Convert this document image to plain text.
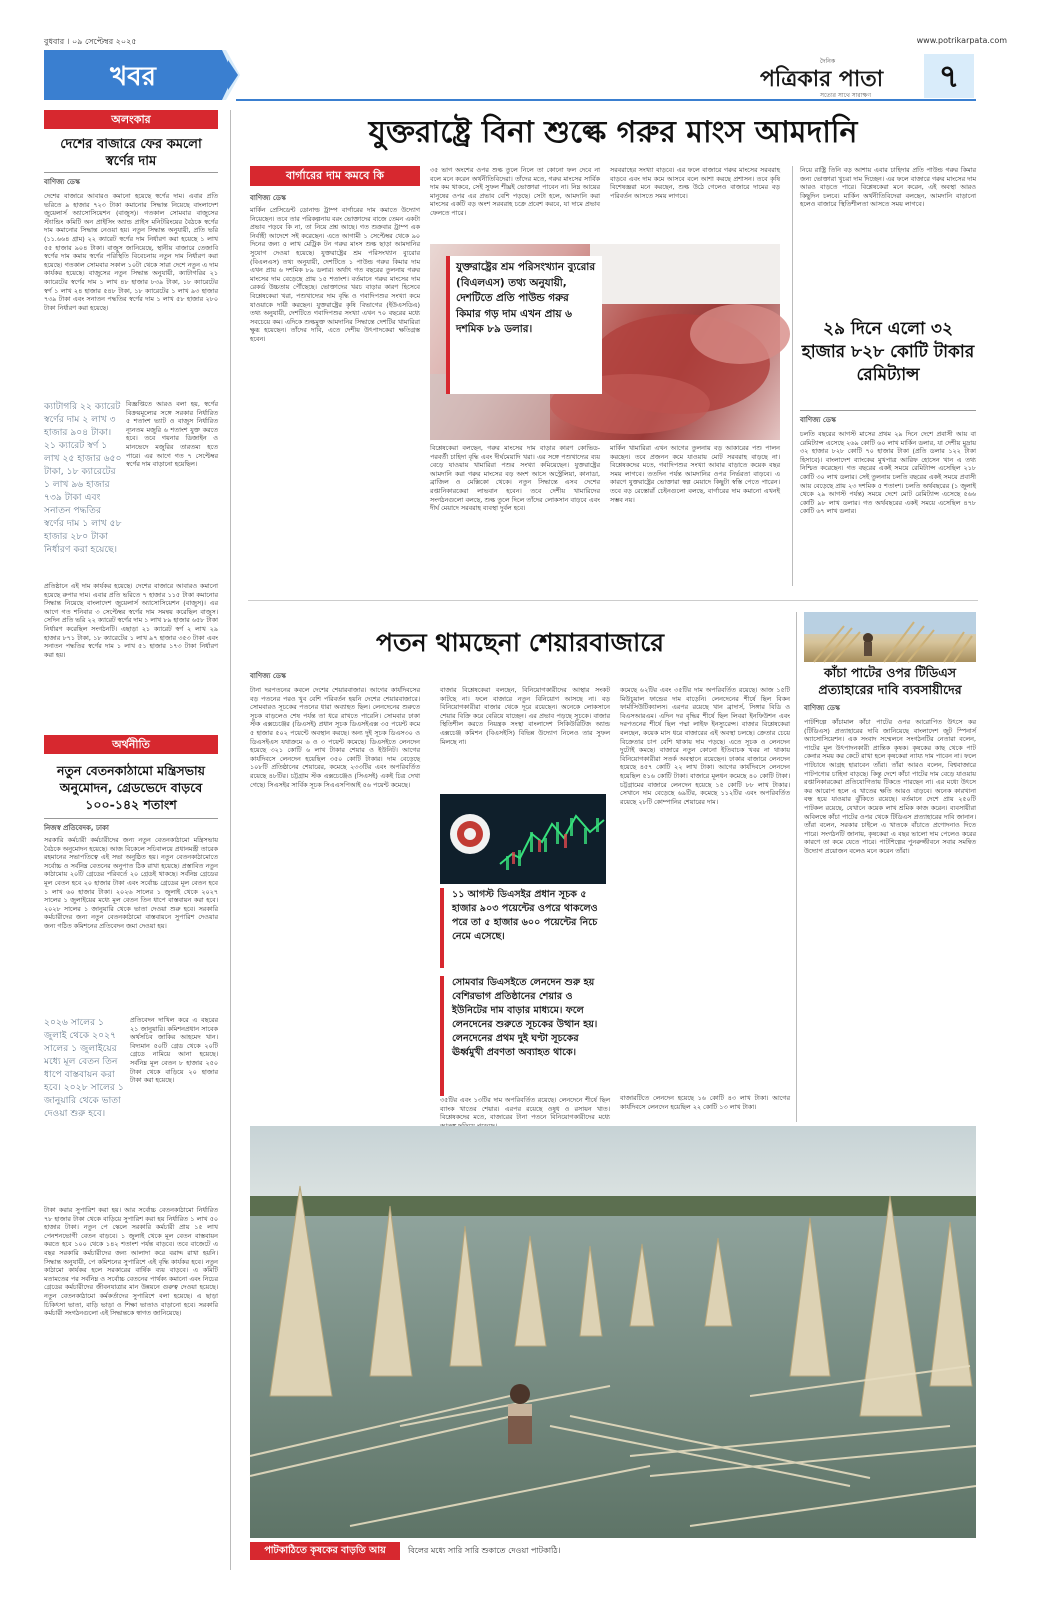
বুধবার । ০৯ সেপ্টেম্বর ২০২৫	www.potrikarpata.com
খবর
দৈনিক
পত্রিকার পাতা
সত্যের সাথে সারাক্ষণ
৭
অলংকার
দেশের বাজারে ফের কমলো স্বর্ণের দাম
বাণিজ্য ডেস্ক
দেশের বাজারে আবারও কমানো হয়েছে স্বর্ণের দাম। এবার প্রতি ভরিতে ৯ হাজার ৭২৩ টাকা কমানোর সিদ্ধান্ত নিয়েছে বাংলাদেশ জুয়েলার্স অ্যাসোসিয়েশন (বাজুস)। গতকাল সোমবার বাজুসের স্ট্যান্ডিং কমিটি অন প্রাইসিং অ্যান্ড প্রাইস মনিটরিংয়ের বৈঠকে স্বর্ণের দাম কমানোর সিদ্ধান্ত নেওয়া হয়। নতুন সিদ্ধান্ত অনুযায়ী, প্রতি ভরি (১১.৬৬৪ গ্রাম) ২২ ক্যারেট স্বর্ণের দাম নির্ধারণ করা হয়েছে ১ লাখ ৫৫ হাজার ৯০৪ টাকা। বাজুস জানিয়েছে, স্থানীয় বাজারে তেজাবি স্বর্ণের দাম কমায় স্বর্ণের পরিস্থিতি বিবেচনায় নতুন দাম নির্ধারণ করা হয়েছে। গতকাল সোমবার সকাল ১০টা থেকে সারা দেশে নতুন এ দাম কার্যকর হয়েছে। বাজুসের নতুন সিদ্ধান্ত অনুযায়ী, ক্যাটাগরির ২১ ক্যারেটের স্বর্ণের দাম ১ লাখ ৪৮ হাজার ৮৩৯ টাকা, ১৮ ক্যারেটের স্বর্ণ ১ লাখ ২৪ হাজার ৫৪৮ টাকা, ১৮ ক্যারেটের ১ লাখ ৯৩ হাজার ৭৩৯ টাকা এবং সনাতন পদ্ধতির স্বর্ণের দাম ১ লাখ ৫৮ হাজার ২৮০ টাকা নির্ধারণ করা হয়েছে।
ক্যাটাগরি ২২ ক্যারেট স্বর্ণের দাম ২ লাখ ৩ হাজার ৯০৪ টাকা। ২১ ক্যারেট স্বর্ণ ১ লাখ ২৫ হাজার ৬৫০ টাকা, ১৮ ক্যারেটের ১ লাখ ৯৬ হাজার ৭৩৯ টাকা এবং সনাতন পদ্ধতির স্বর্ণের দাম ১ লাখ ৫৮ হাজার ২৮০ টাকা নির্ধারণ করা হয়েছে।
বিজ্ঞপ্তিতে আরও বলা হয়, স্বর্ণের বিক্রয়মূল্যের সঙ্গে সরকার নির্ধারিত ৫ শতাংশ ভ্যাট ও বাজুস নির্ধারিত ন্যূনতম মজুরি ৬ শতাংশ যুক্ত করতে হবে। তবে গয়নার ডিজাইন ও মানভেদে মজুরির তারতম্য হতে পারে। এর আগে গত ৭ সেপ্টেম্বর স্বর্ণের দাম বাড়ানো হয়েছিল।
প্রতিষ্ঠানে এই দাম কার্যকর হয়েছে। দেশের বাজারে আবারও কমানো হয়েছে রুপার দাম। এবার প্রতি ভরিতে ৭ হাজার ১১৫ টাকা কমানোর সিদ্ধান্ত নিয়েছে বাংলাদেশ জুয়েলার্স অ্যাসোসিয়েশন (বাজুস)। এর আগে গত শনিবার ৩ সেপ্টেম্বর স্বর্ণের দাম সমন্বয় করেছিল বাজুস। সেদিন প্রতি ভরি ২২ ক্যারেট স্বর্ণের দাম ১ লাখ ৮৯ হাজার ৬৫৮ টাকা নির্ধারণ করেছিল সংগঠনটি। এছাড়া ২১ ক্যারেট স্বর্ণ ২ লাখ ২৯ হাজার ৮৭১ টাকা, ১৮ ক্যারেটের ১ লাখ ৯৭ হাজার ৩৫৩ টাকা এবং সনাতন পদ্ধতির স্বর্ণের দাম ১ লাখ ৫১ হাজার ১৭৩ টাকা নির্ধারণ করা হয়।
অর্থনীতি
নতুন বেতনকাঠামো মন্ত্রিসভায় অনুমোদন, গ্রেডভেদে বাড়বে ১০০-১৪২ শতাংশ
নিজস্ব প্রতিবেদক, ঢাকা
সরকারি কর্মচারী কর্মচারীদের জন্য নতুন বেতনকাঠামো মন্ত্রিসভায় বৈঠকে অনুমোদন হয়েছে। আজ বিকেলে সচিবালয়ে প্রধানমন্ত্রী তারেক রহমানের সভাপতিত্বে এই সভা অনুষ্ঠিত হয়। নতুন বেতনকাঠামোতে সর্বোচ্চ ও সর্বনিম্ন বেতনের অনুপাত ঠিক রাখা হয়েছে। প্রস্তাবিত নতুন কাঠামোয় ২০টি গ্রেডের পরিবর্তে ২০ গ্রেডই থাকছে। সর্বনিম্ন গ্রেডের মূল বেতন হবে ২০ হাজার টাকা এবং সর্বোচ্চ গ্রেডের মূল বেতন হবে ১ লাখ ৬০ হাজার টাকা। ২০২৬ সালের ১ জুলাই থেকে ২০২৭ সালের ১ জুলাইয়ের মধ্যে মূল বেতন তিন ধাপে বাস্তবায়ন করা হবে। ২০২৮ সালের ১ জানুয়ারি থেকে ভাতা দেওয়া শুরু হবে। সরকারি কর্মচারীদের জন্য নতুন বেতনকাঠামো বাস্তবায়নে সুপারিশ দেওয়ার জন্য গঠিত কমিশনের প্রতিবেদন জমা দেওয়া হয়।
২০২৬ সালের ১ জুলাই থেকে ২০২৭ সালের ১ জুলাইয়ের মধ্যে মূল বেতন তিন ধাপে বাস্তবায়ন করা হবে। ২০২৮ সালের ১ জানুয়ারি থেকে ভাতা দেওয়া শুরু হবে।
প্রতিবেদন দাখিল করে এ বছরের ২১ জানুয়ারি। কমিশনপ্রধান সাবেক অর্থসচিব জাকির আহমেদ খান। বিদ্যমান ৫০টি গ্রেড থেকে ২০টি গ্রেডে নামিয়ে আনা হয়েছে। সর্বনিম্ন মূল বেতন ৮ হাজার ২৫০ টাকা থেকে বাড়িয়ে ২০ হাজার টাকা করা হয়েছে।
টাকা করার সুপারিশ করা হয়। আর সর্বোচ্চ বেতনকাঠামো নির্ধারিত ৭৮ হাজার টাকা থেকে বাড়িয়ে সুপারিশ করা হয় নির্ধারিত ১ লাখ ৫০ হাজার টাকা। নতুন পে স্কেলে সরকারি কর্মচারী প্রায় ১৫ লাখ পেনশনভোগী বেতন বাড়বে। ১ জুলাই থেকে মূল বেতন বাস্তবায়ন করতে হবে ১০০ থেকে ১৪২ শতাংশ পর্যন্ত বাড়বে। তবে বাজেটে এ বছর সরকারি কর্মচারীদের জন্য আলাদা করে বরাদ্দ রাখা হয়নি। সিদ্ধান্ত অনুযায়ী, পে কমিশনের সুপারিশে এই বৃদ্ধি কার্যকর হবে। নতুন কাঠামো কার্যকর হলে সরকারের বার্ষিক ব্যয় বাড়বে। এ কমিটি মতামতের পর সর্বনিম্ন ও সর্বোচ্চ বেতনের পার্থক্য কমানো এবং নিচের গ্রেডের কর্মচারীদের জীবনযাত্রার মান উন্নয়নে গুরুত্ব দেওয়া হয়েছে। নতুন বেতনকাঠামো কর্মকর্তাদের সুপারিশে বলা হয়েছে। এ ছাড়া চিকিৎসা ভাতা, বাড়ি ভাড়া ও শিক্ষা ভাতাও বাড়ানো হবে। সরকারি কর্মচারী সংগঠনগুলো এই সিদ্ধান্তকে স্বাগত জানিয়েছে।
যুক্তরাষ্ট্রে বিনা শুল্কে গরুর মাংস আমদানি
বার্গারের দাম কমবে কি
বাণিজ্য ডেস্ক
মার্কিন প্রেসিডেন্ট ডোনাল্ড ট্রাম্প বার্গারের দাম কমাতে উদ্যোগ নিয়েছেন। তবে তার পরিকল্পনায় বরং ভোক্তাদের বাজে তেমন একটা প্রভাব পড়বে কি না, তা নিয়ে প্রশ্ন আছে। গত শুক্রবার ট্রাম্প এক নির্বাহী আদেশে সই করেছেন। এতে আগামী ১ সেপ্টেম্বর থেকে ৯০ দিনের জন্য ৫ লাখ মেট্রিক টন গরুর মাংস শুল্ক ছাড়া আমদানির সুযোগ দেওয়া হয়েছে। যুক্তরাষ্ট্রের শ্রম পরিসংখ্যান ব্যুরোর (বিএলএস) তথ্য অনুযায়ী, দেশটিতে ১ পাউন্ড গরুর কিমার দাম এখন প্রায় ৬ দশমিক ৮৯ ডলার। অর্থাৎ গত বছরের তুলনায় গরুর মাংসের দাম বেড়েছে প্রায় ১৫ শতাংশ। বর্তমানে গরুর মাংসের দাম রেকর্ড উচ্চতায় পৌঁছেছে। ভোক্তাদের খরচ বাড়ার কারণ হিসেবে বিশ্লেষকেরা খরা, পশুখাদ্যের দাম বৃদ্ধি ও গবাদিপশুর সংখ্যা কমে যাওয়াকে দায়ী করছেন। যুক্তরাষ্ট্রের কৃষি বিভাগের (ইউএসডিএ) তথ্য অনুযায়ী, দেশটিতে গবাদিপশুর সংখ্যা এখন ৭০ বছরের মধ্যে সবচেয়ে কম। এদিকে শুল্কমুক্ত আমদানির সিদ্ধান্তে দেশটির খামারিরা ক্ষুব্ধ হয়েছেন। তাঁদের দাবি, এতে দেশীয় উৎপাদকেরা ক্ষতিগ্রস্ত হবেন।
৩৫ ভাগ অংশের ওপর শুল্ক তুলে নিলে তা কোনো ফল দেবে না বলে মনে করেন অর্থনীতিবিদেরা। তাঁদের মতে, গরুর মাংসের সার্বিক দাম কম থাকবে, সেই সুফল শীঘ্রই ভোক্তারা পাবেন না। নিম্ন আয়ের মানুষের ওপর এর প্রভাব বেশি পড়ছে। সেটা হলে, আমদানি করা মাংসের একটি বড় অংশ সরবরাহ চক্রে প্রবেশ করবে, যা দামে প্রভাব ফেলতে পারে।
সরবরাহের সংখ্যা বাড়বে। এর ফলে বাজারে গরুর মাংসের সরবরাহ বাড়বে এবং দাম কমে আসবে বলে আশা করছে প্রশাসন। তবে কৃষি বিশেষজ্ঞরা মনে করছেন, শুল্ক উঠে গেলেও বাজারে দামের বড় পরিবর্তন আসতে সময় লাগবে।
যুক্তরাষ্ট্রের শ্রম পরিসংখ্যান ব্যুরোর (বিএলএস) তথ্য অনুযায়ী, দেশটিতে প্রতি পাউন্ড গরুর কিমার গড় দাম এখন প্রায় ৬ দশমিক ৮৯ ডলার।
বিশ্লেষকেরা বলছেন, গরুর মাংসের দাম বাড়ার কারণ কোভিড-পরবর্তী চাহিদা বৃদ্ধি এবং দীর্ঘমেয়াদি খরা। এর সঙ্গে পশুখাদ্যের ব্যয় বেড়ে যাওয়ায় খামারিরা পশুর সংখ্যা কমিয়েছেন। যুক্তরাষ্ট্রের আমদানি করা গরুর মাংসের বড় অংশ আসে অস্ট্রেলিয়া, কানাডা, ব্রাজিল ও মেক্সিকো থেকে। নতুন সিদ্ধান্তে এসব দেশের রপ্তানিকারকেরা লাভবান হবেন। তবে দেশীয় খামারিদের সংগঠনগুলো বলছে, শুল্ক তুলে দিলে তাঁদের লোকসান বাড়বে এবং দীর্ঘ মেয়াদে সরবরাহ ব্যবস্থা দুর্বল হবে।
মার্কিন খামারিরা এখন আগের তুলনায় বড় আকারের পশু পালন করছেন। তবে প্রজনন কমে যাওয়ায় মোট সরবরাহ বাড়ছে না। বিশ্লেষকদের মতে, গবাদিপশুর সংখ্যা আবার বাড়াতে কয়েক বছর সময় লাগবে। ততদিন পর্যন্ত আমদানির ওপর নির্ভরতা বাড়বে। এ কারণে যুক্তরাষ্ট্রের ভোক্তারা স্বল্প মেয়াদে কিছুটা স্বস্তি পেতে পারেন। তবে বড় রেস্তোরাঁ চেইনগুলো বলছে, বার্গারের দাম কমানো এখনই সম্ভব নয়।
নিয়ে রাষ্ট্রি তিনি বড় আশায় এবার চাহিদার প্রতি পাউন্ড গরুর কিমার জন্য ভোক্তারা খুচরা দাম দিচ্ছেন। এর ফলে বাজারে গরুর মাংসের দাম আরও বাড়তে পারে। বিশ্লেষকেরা মনে করেন, এই অবস্থা আরও কিছুদিন চলবে। মার্কিন অর্থনীতিবিদেরা বলছেন, আমদানি বাড়ানো হলেও বাজারে স্থিতিশীলতা আসতে সময় লাগবে।
২৯ দিনে এলো ৩২ হাজার ৮২৮ কোটি টাকার রেমিট্যান্স
বাণিজ্য ডেস্ক
চলতি বছরের আগস্ট মাসের প্রথম ২৯ দিনে দেশে প্রবাসী আয় বা রেমিট্যান্স এসেছে ২৬৯ কোটি ৬০ লাখ মার্কিন ডলার, যা দেশীয় মুদ্রায় ৩২ হাজার ৮২৮ কোটি ৭০ হাজার টাকা (প্রতি ডলার ১২২ টাকা হিসাবে)। বাংলাদেশ ব্যাংকের মুখপাত্র আরিফ হোসেন খান এ তথ্য নিশ্চিত করেছেন। গত বছরের একই সময়ে রেমিট্যান্স এসেছিল ২১৮ কোটি ৩০ লাখ ডলার। সেই তুলনায় চলতি বছরের একই সময়ে প্রবাসী আয় বেড়েছে প্রায় ২৩ দশমিক ৫ শতাংশ। চলতি অর্থবছরের (১ জুলাই থেকে ২৯ আগস্ট পর্যন্ত) সময়ে দেশে মোট রেমিট্যান্স এসেছে ৫৬৬ কোটি ৯৮ লাখ ডলার। গত অর্থবছরের একই সময়ে এসেছিল ৪৭৮ কোটি ৬৭ লাখ ডলার।
পতন থামছেনা শেয়ারবাজারে
বাণিজ্য ডেস্ক
টানা দরপতনের কবলে দেশের শেয়ারবাজার। আগের কার্যদিবসের বড় পতনের পরও খুব বেশি পরিবর্তন হয়নি দেশের শেয়ারবাজারে। সোমবারও সূচকের পতনের ধারা অব্যাহত ছিল। লেনদেনের শুরুতে সূচক বাড়লেও শেষ পর্যন্ত তা ধরে রাখতে পারেনি। সোমবার ঢাকা স্টক এক্সচেঞ্জের (ডিএসই) প্রধান সূচক ডিএসইএক্স ৩৫ পয়েন্ট কমে ৫ হাজার ৫০২ পয়েন্টে অবস্থান করছে। অন্য দুই সূচক ডিএস৩০ ও ডিএসইএস যথাক্রমে ৬ ও ৩ পয়েন্ট কমেছে। ডিএসইতে লেনদেন হয়েছে ৩২১ কোটি ৬ লাখ টাকার শেয়ার ও ইউনিট। আগের কার্যদিবসে লেনদেন হয়েছিল ৩৫০ কোটি টাকার। দাম বেড়েছে ১০৮টি প্রতিষ্ঠানের শেয়ারের, কমেছে ২৩৩টির এবং অপরিবর্তিত রয়েছে ৪৮টির। চট্টগ্রাম স্টক এক্সচেঞ্জেও (সিএসই) একই চিত্র দেখা গেছে। সিএসইর সার্বিক সূচক সিএএসপিআই ৫৬ পয়েন্ট কমেছে।
বাজার বিশ্লেষকেরা বলছেন, বিনিয়োগকারীদের আস্থার সংকট কাটছে না। ফলে বাজারে নতুন বিনিয়োগ আসছে না। বড় বিনিয়োগকারীরা বাজার থেকে দূরে রয়েছেন। অনেকে লোকসানে শেয়ার বিক্রি করে বেরিয়ে যাচ্ছেন। এর প্রভাব পড়ছে সূচকে। বাজার স্থিতিশীল করতে নিয়ন্ত্রক সংস্থা বাংলাদেশ সিকিউরিটিজ অ্যান্ড এক্সচেঞ্জ কমিশন (বিএসইসি) বিভিন্ন উদ্যোগ নিলেও তার সুফল মিলছে না।
১১ আগস্ট ডিএসইর প্রধান সূচক ৫ হাজার ৯০৩ পয়েন্টের ওপরে থাকলেও পরে তা ৫ হাজার ৬০০ পয়েন্টের নিচে নেমে এসেছে।
সোমবার ডিএসইতে লেনদেন শুরু হয় বেশিরভাগ প্রতিষ্ঠানের শেয়ার ও ইউনিটের দাম বাড়ার মাধ্যমে। ফলে লেনদেনের শুরুতে সূচকের উত্থান হয়। লেনদেনের প্রথম দুই ঘণ্টা সূচকের ঊর্ধ্বমুখী প্রবণতা অব্যাহত থাকে।
৩৫টির এবং ১৩টির দাম অপরিবর্তিত রয়েছে। লেনদেনে শীর্ষে ছিল ব্যাংক খাতের শেয়ার। এরপর রয়েছে ওষুধ ও রসায়ন খাত। বিশ্লেষকদের মতে, বাজারের টানা পতনে বিনিয়োগকারীদের মধ্যে
কমেছে ৬২টির এবং ৩৫টির দাম অপরিবর্তিত রয়েছে। আজ ১৫টি মিউচুয়াল ফান্ডের দাম বাড়েনি। লেনদেনের শীর্ষে ছিল বিকন ফার্মাসিউটিক্যালস। এরপর রয়েছে খান ব্রাদার্স, সিঙ্গার বিডি ও বিএসআরএম। এদিন দর বৃদ্ধির শীর্ষে ছিল লিবরা ইনফিউশন এবং দরপতনের শীর্ষে ছিল পদ্মা লাইফ ইনস্যুরেন্স। বাজার বিশ্লেষকেরা বলছেন, কয়েক মাস ধরে বাজারের এই অবস্থা চলছে। ক্রেতার চেয়ে বিক্রেতার চাপ বেশি থাকায় দাম পড়ছে। এতে সূচক ও লেনদেন দুটোই কমছে। বাজারে নতুন কোনো ইতিবাচক খবর না থাকায় বিনিয়োগকারীরা সতর্ক অবস্থানে রয়েছেন। ঢাকার বাজারে লেনদেন হয়েছে ৪৫৭ কোটি ২২ লাখ টাকা। আগের কার্যদিবসে লেনদেন হয়েছিল ৫১৬ কোটি টাকা। বাজারে মূলধন কমেছে ৪০ কোটি টাকা। চট্টগ্রামের বাজারে লেনদেন হয়েছে ১৫ কোটি ৮৮ লাখ টাকার। সেখানে দাম বেড়েছে ৬৯টির, কমেছে ১১২টির এবং অপরিবর্তিত রয়েছে ২৮টি কোম্পানির শেয়ারের দাম।
বাজারটিতে লেনদেন হয়েছে ১৬ কোটি ৪৩ লাখ টাকা। আগের কার্যদিবসে লেনদেন হয়েছিল ২২ কোটি ১৩ লাখ টাকা।
কাঁচা পাটের ওপর টিডিএস প্রত্যাহারের দাবি ব্যবসায়ীদের
বাণিজ্য ডেস্ক
পাটশিল্পে কাঁচামাল কাঁচা পাটের ওপর আরোপিত উৎসে কর (টিডিএস) প্রত্যাহারের দাবি জানিয়েছে বাংলাদেশ জুট স্পিনার্স অ্যাসোসিয়েশন। এক সংবাদ সম্মেলনে সংগঠনটির নেতারা বলেন, পাটের মূল উৎপাদনকারী প্রান্তিক কৃষক। কৃষকের কাছ থেকে পাট কেনার সময় কর কেটে রাখা হলে কৃষকেরা ন্যায্য দাম পাবেন না। ফলে পাটচাষে আগ্রহ হারাবেন তাঁরা। তাঁরা আরও বলেন, বিশ্ববাজারে পাটপণ্যের চাহিদা বাড়ছে। কিন্তু দেশে কাঁচা পাটের দাম বেড়ে যাওয়ায় রপ্তানিকারকেরা প্রতিযোগিতায় টিকতে পারছেন না। এর মধ্যে উৎসে কর আরোপ হলে এ খাতের ক্ষতি আরও বাড়বে। অনেক কারখানা বন্ধ হয়ে যাওয়ার ঝুঁকিতে রয়েছে। বর্তমানে দেশে প্রায় ২৫০টি পাটকল রয়েছে, যেখানে কয়েক লাখ শ্রমিক কাজ করেন। ব্যবসায়ীরা অবিলম্বে কাঁচা পাটের ওপর থেকে টিডিএস প্রত্যাহারের দাবি জানান। তাঁরা বলেন, সরকার চাইলে এ খাতকে বাঁচাতে প্রণোদনাও দিতে পারে। সংগঠনটি জানায়, কৃষকেরা এ বছর ভালো দাম পেলেও করের কারণে তা কমে যেতে পারে। পাটশিল্পের পুনরুজ্জীবনে সবার সমন্বিত উদ্যোগ প্রয়োজন বলেও মনে করেন তাঁরা।
পাটকাঠিতে কৃষকের বাড়তি আয়	বিলের মধ্যে সারি সারি শুকাতে দেওয়া পাটকাঠি।
